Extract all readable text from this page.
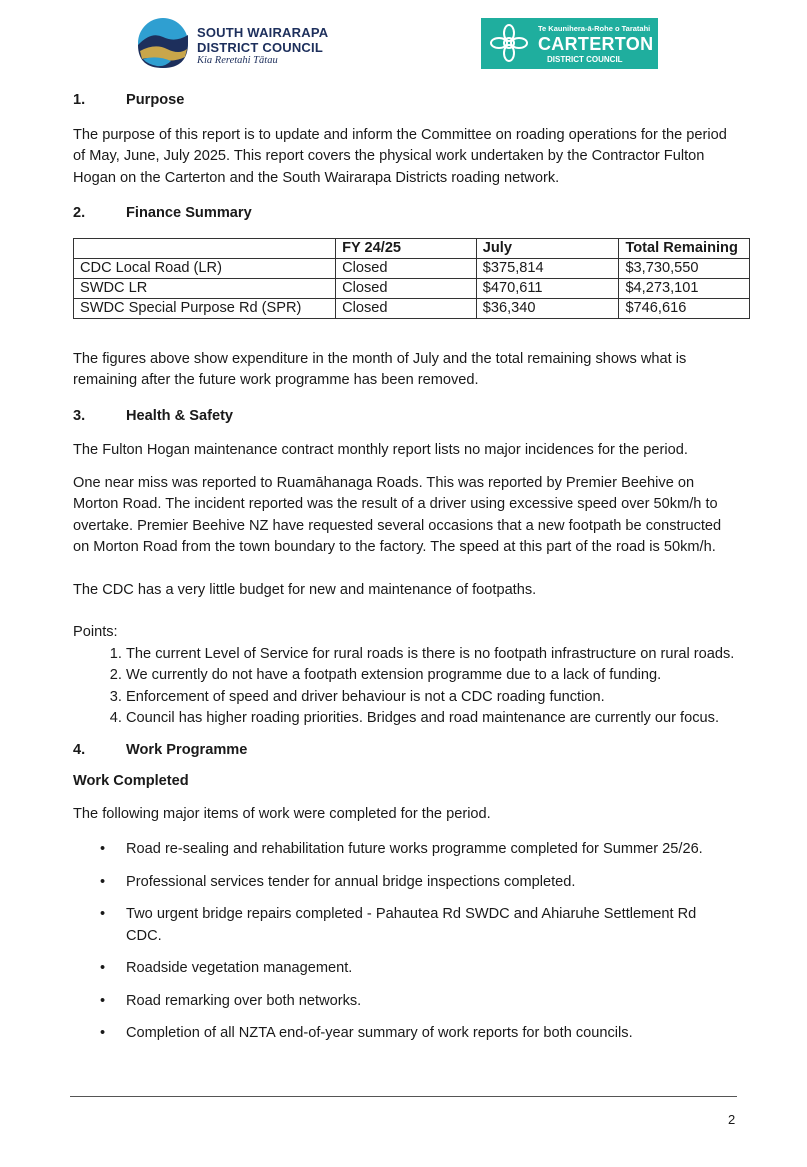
SOUTH WAIRARAPA
DISTRICT COUNCIL
Kia Reretahi Tātau
Te Kaunihera-ā-Rohe o Taratahi
CARTERTON
DISTRICT COUNCIL
1.	Purpose

The purpose of this report is to update and inform the Committee on roading operations for the period of May, June, July 2025. This report covers the physical work undertaken by the Contractor Fulton Hogan on the Carterton and the South Wairarapa Districts roading network.

2.	Finance Summary
	FY 24/25	July	Total Remaining
CDC Local Road (LR)	Closed	$375,814	$3,730,550
SWDC LR	Closed	$470,611	$4,273,101
SWDC Special Purpose Rd (SPR)	Closed	$36,340	$746,616

The figures above show expenditure in the month of July and the total remaining shows what is remaining after the future work programme has been removed.

3.	Health & Safety

The Fulton Hogan maintenance contract monthly report lists no major incidences for the period.

One near miss was reported to Ruamāhanaga Roads. This was reported by Premier Beehive on Morton Road. The incident reported was the result of a driver using excessive speed over 50km/h to overtake. Premier Beehive NZ have requested several occasions that a new footpath be constructed on Morton Road from the town boundary to the factory. The speed at this part of the road is 50km/h.

The CDC has a very little budget for new and maintenance of footpaths.

Points:

1. The current Level of Service for rural roads is there is no footpath infrastructure on rural roads.
2. We currently do not have a footpath extension programme due to a lack of funding.
3. Enforcement of speed and driver behaviour is not a CDC roading function.
4. Council has higher roading priorities. Bridges and road maintenance are currently our focus.
4.	Work Programme
Work Completed

The following major items of work were completed for the period.

• Road re-sealing and rehabilitation future works programme completed for Summer 25/26.
• Professional services tender for annual bridge inspections completed.
• Two urgent bridge repairs completed - Pahautea Rd SWDC and Ahiaruhe Settlement Rd CDC.
• Roadside vegetation management.
• Road remarking over both networks.
• Completion of all NZTA end-of-year summary of work reports for both councils.
2
